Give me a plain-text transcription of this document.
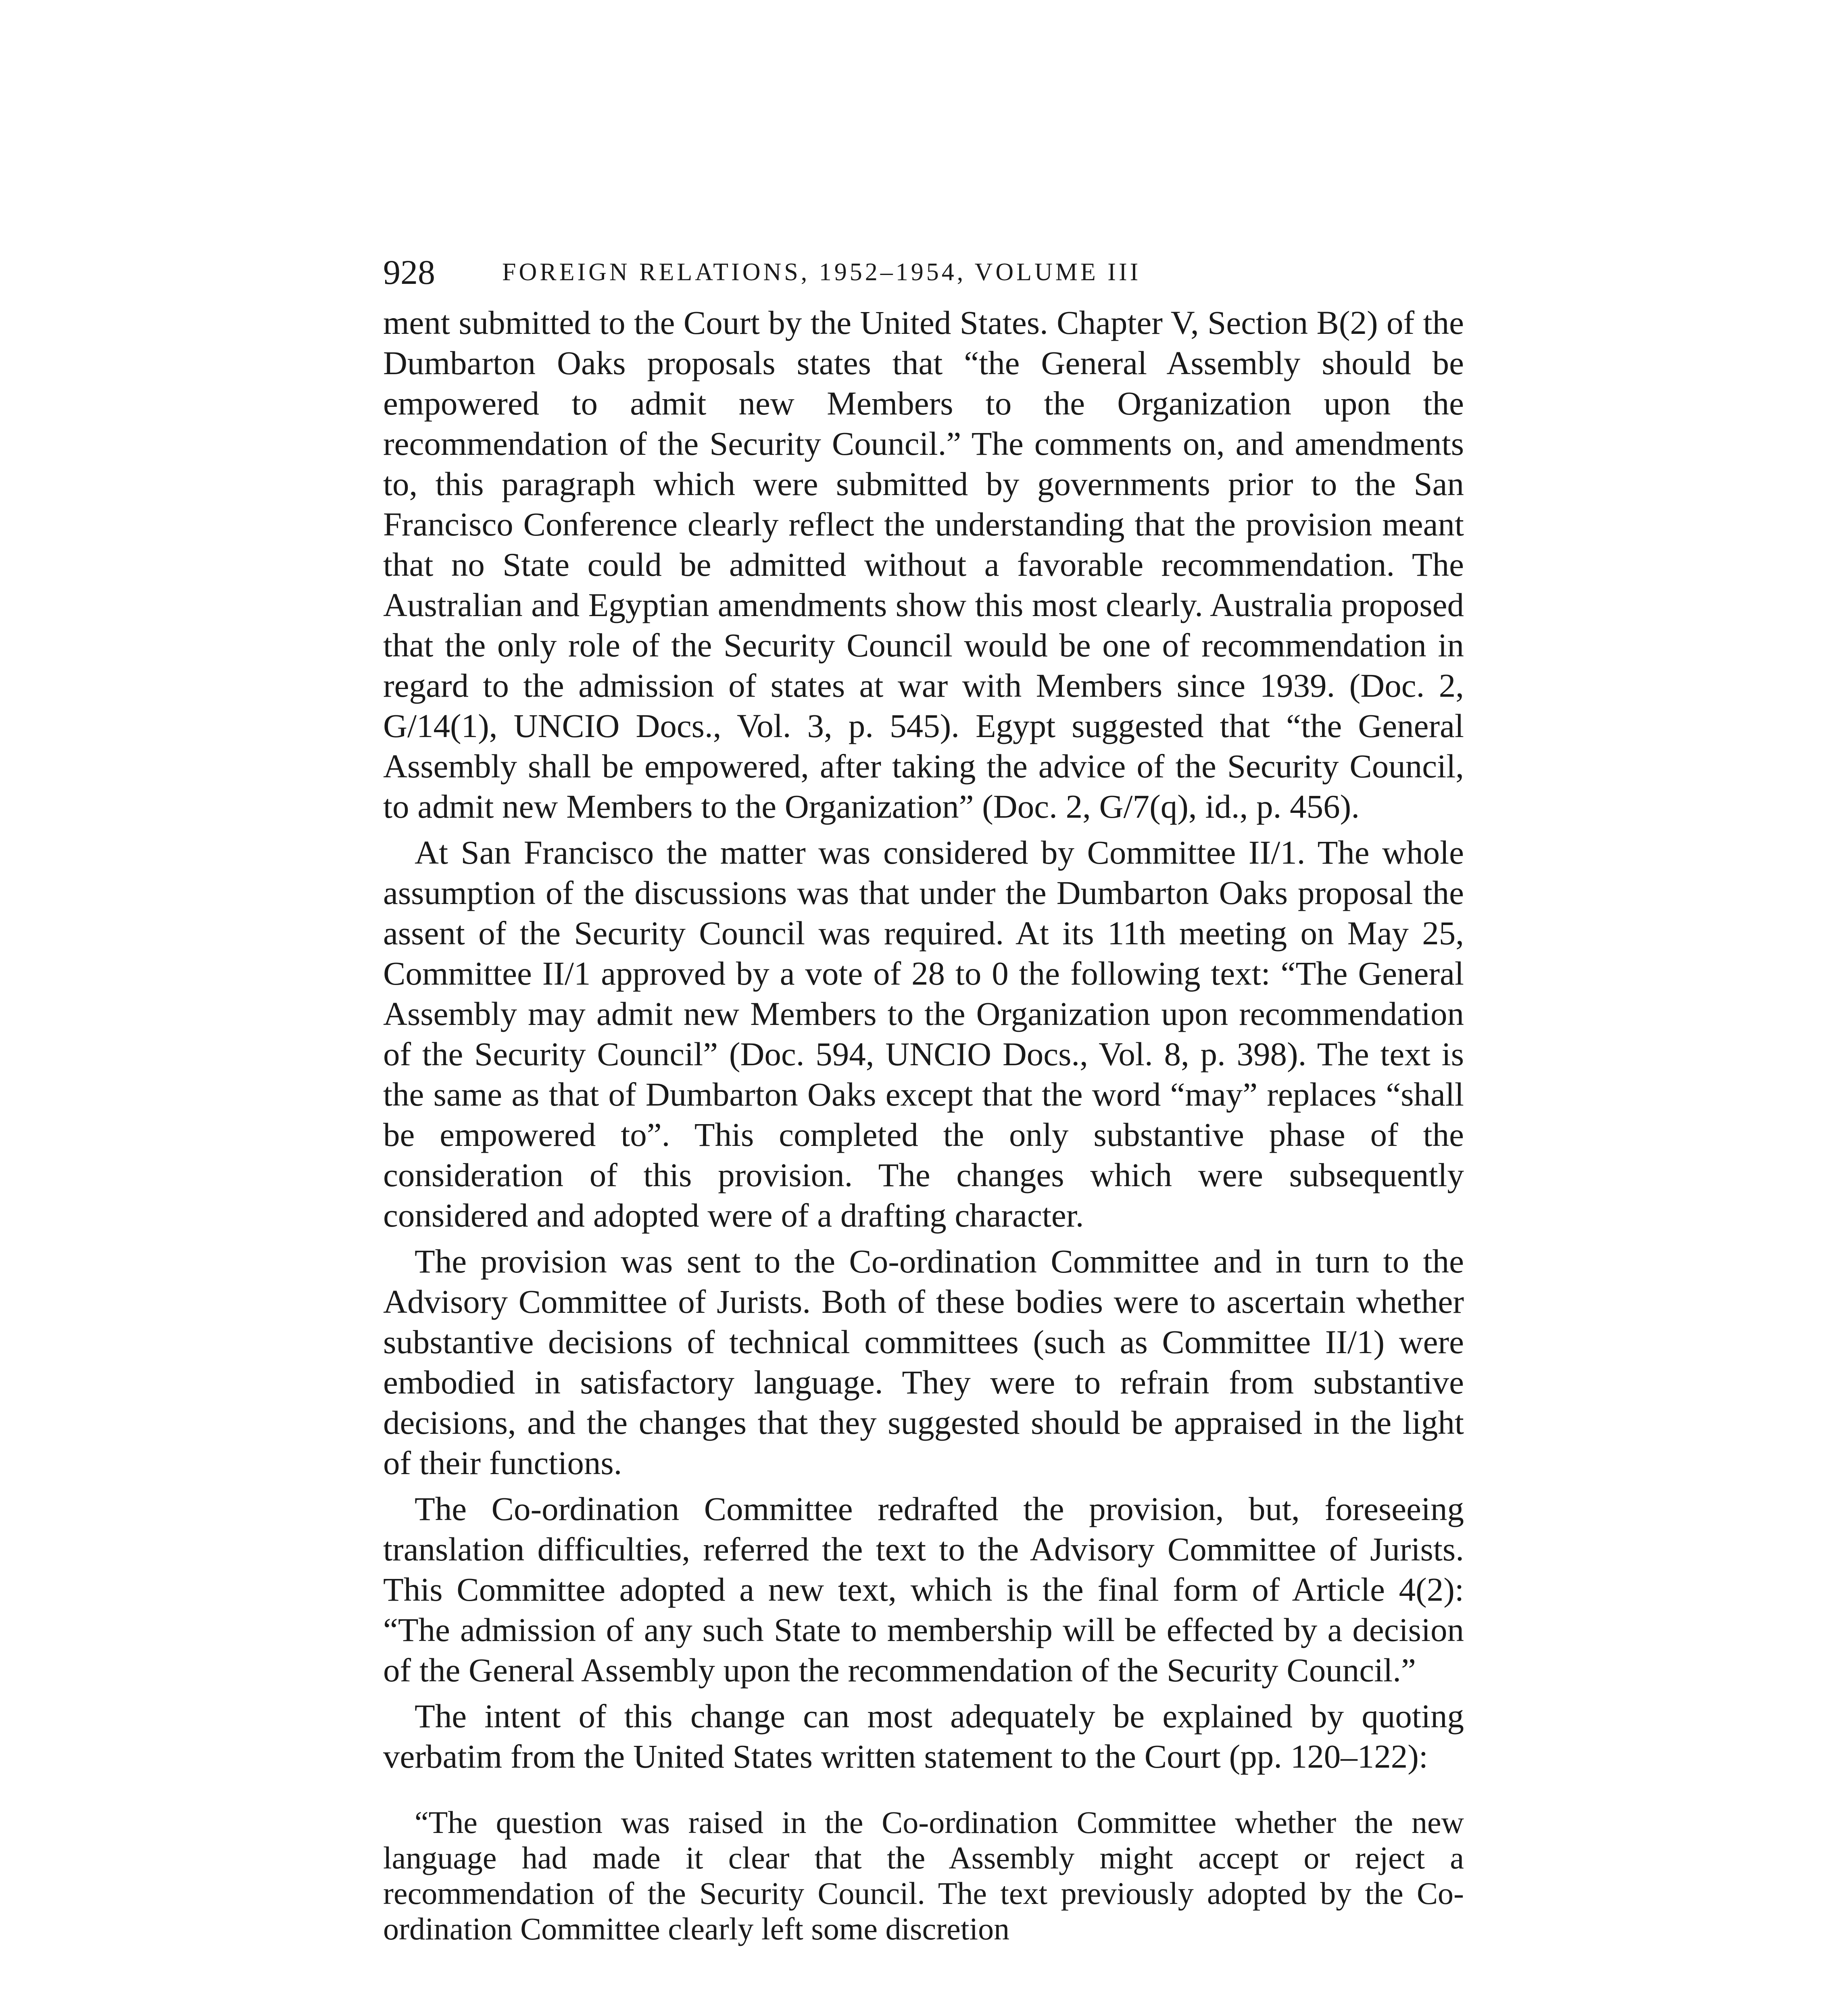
928	FOREIGN RELATIONS, 1952–1954, VOLUME III

ment submitted to the Court by the United States. Chapter V, Section B(2) of the Dumbarton Oaks proposals states that “the General Assembly should be empowered to admit new Members to the Organization upon the recommendation of the Security Council.” The comments on, and amendments to, this paragraph which were submitted by governments prior to the San Francisco Conference clearly reflect the understanding that the provision meant that no State could be admitted without a favorable recommendation. The Australian and Egyptian amendments show this most clearly. Australia proposed that the only role of the Security Council would be one of recommendation in regard to the admission of states at war with Members since 1939. (Doc. 2, G/14(1), UNCIO Docs., Vol. 3, p. 545). Egypt suggested that “the General Assembly shall be empowered, after taking the advice of the Security Council, to admit new Members to the Organization” (Doc. 2, G/7(q), id., p. 456).

At San Francisco the matter was considered by Committee II/1. The whole assumption of the discussions was that under the Dumbarton Oaks proposal the assent of the Security Council was required. At its 11th meeting on May 25, Committee II/1 approved by a vote of 28 to 0 the following text: “The General Assembly may admit new Members to the Organization upon recommendation of the Security Council” (Doc. 594, UNCIO Docs., Vol. 8, p. 398). The text is the same as that of Dumbarton Oaks except that the word “may” replaces “shall be empowered to”. This completed the only substantive phase of the consideration of this provision. The changes which were subsequently considered and adopted were of a drafting character.

The provision was sent to the Co-ordination Committee and in turn to the Advisory Committee of Jurists. Both of these bodies were to ascertain whether substantive decisions of technical committees (such as Committee II/1) were embodied in satisfactory language. They were to refrain from substantive decisions, and the changes that they suggested should be appraised in the light of their functions.

The Co-ordination Committee redrafted the provision, but, foreseeing translation difficulties, referred the text to the Advisory Committee of Jurists. This Committee adopted a new text, which is the final form of Article 4(2): “The admission of any such State to membership will be effected by a decision of the General Assembly upon the recommendation of the Security Council.”

The intent of this change can most adequately be explained by quoting verbatim from the United States written statement to the Court (pp. 120–122):

“The question was raised in the Co-ordination Committee whether the new language had made it clear that the Assembly might accept or reject a recommendation of the Security Council. The text previously adopted by the Co-ordination Committee clearly left some discretion
